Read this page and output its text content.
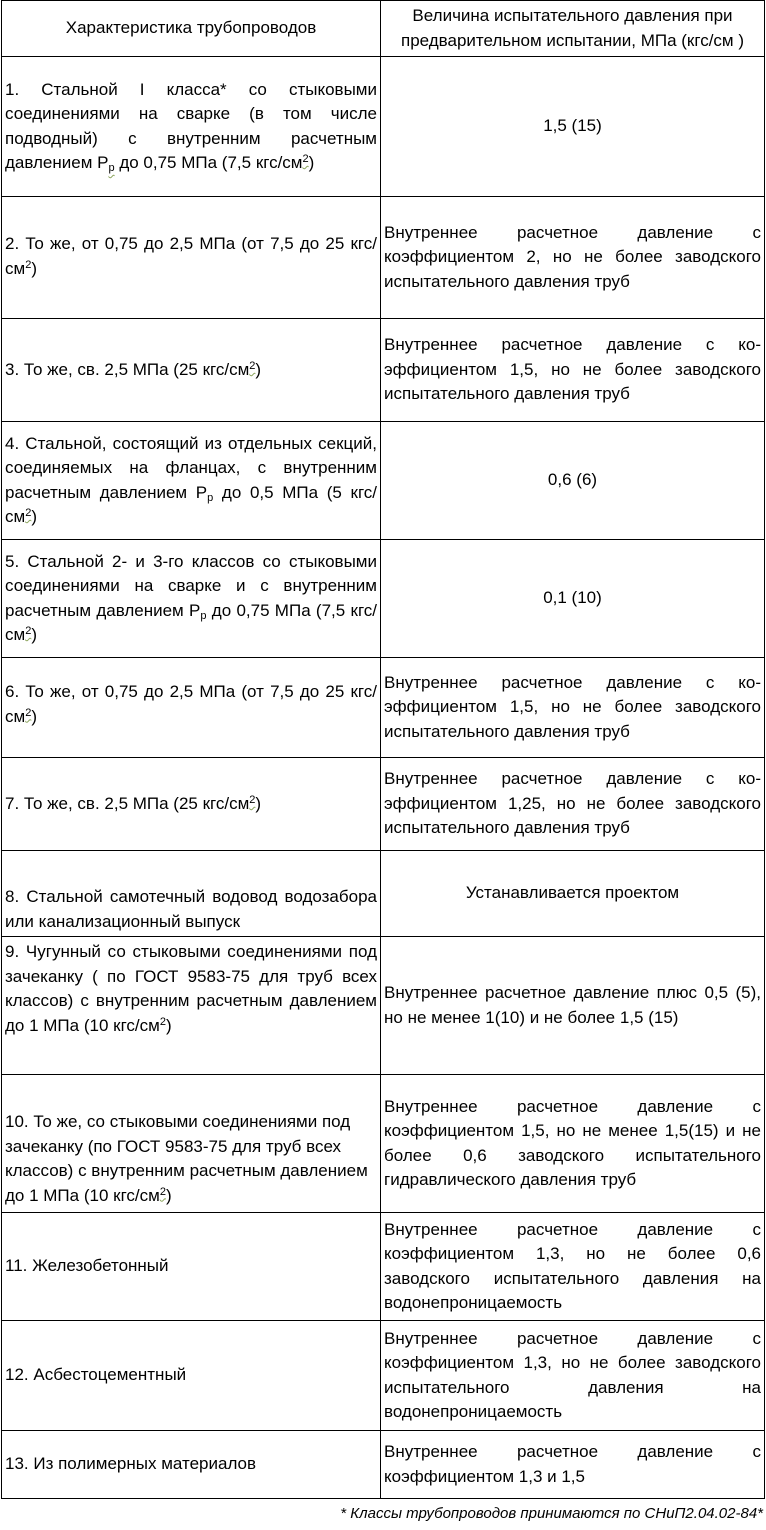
Характеристика трубопроводов	Величина испытательного давления при предварительном испытании, МПа (кгс/см )
1. Стальной I класса* со стыковыми соединениями на сварке (в том числе подводный) с внутренним расчетным давлением $Р_р$ до 0,75 МПа (7,5 кгс/$см^2$)	1,5 (15)
2. То же, от 0,75 до 2,5 МПа (от 7,5 до 25 кгс/$см^2$)	Внутреннее расчетное давление с коэффициентом 2, но не более заводского испытательного давления труб
3. То же, св. 2,5 МПа (25 кгс/$см^2$)	Внутреннее расчетное давление с коэффициентом 1,5, но не более заводского испытательного давления труб
4. Стальной, состоящий из отдельных секций, соединяемых на фланцах, с внутренним расчетным давлением $Р_р$ до 0,5 МПа (5 кгс/$см^2$)	0,6 (6)
5. Стальной 2- и 3-го классов со стыковыми соединениями на сварке и с внутренним расчетным давлением $Р_р$ до 0,75 МПа (7,5 кгс/$см^2$)	0,1 (10)
6. То же, от 0,75 до 2,5 МПа (от 7,5 до 25 кгс/$см^2$)	Внутреннее расчетное давление с коэффициентом 1,5, но не более заводского испытательного давления труб
7. То же, св. 2,5 МПа (25 кгс/$см^2$)	Внутреннее расчетное давление с коэффициентом 1,25, но не более заводского испытательного давления труб
8. Стальной самотечный водовод водозабора или канализационный выпуск	Устанавливается проектом
9. Чугунный со стыковыми соединениями под зачеканку ( по ГОСТ 9583-75 для труб всех классов) с внутренним расчетным давлением до 1 МПа (10 кгс/$см^2$)	Внутреннее расчетное давление плюс 0,5 (5), но не менее 1(10) и не более 1,5 (15)
10. То же, со стыковыми соединениями под зачеканку (по ГОСТ 9583-75 для труб всех классов) с внутренним расчетным давлением до 1 МПа (10 кгс/$см^2$)	Внутреннее расчетное давление с коэффициентом 1,5, но не менее 1,5(15) и не более 0,6 заводского испытательного гидравлического давления труб
11. Железобетонный	Внутреннее расчетное давление с коэффициентом 1,3, но не более 0,6 заводского испытательного давления на водонепроницаемость
12. Асбестоцементный	Внутреннее расчетное давление с коэффициентом 1,3, но не более заводского испытательного давления на водонепроницаемость
13. Из полимерных материалов	Внутреннее расчетное давление с коэффициентом 1,3 и 1,5
* Классы трубопроводов принимаются по СНиП2.04.02-84*
